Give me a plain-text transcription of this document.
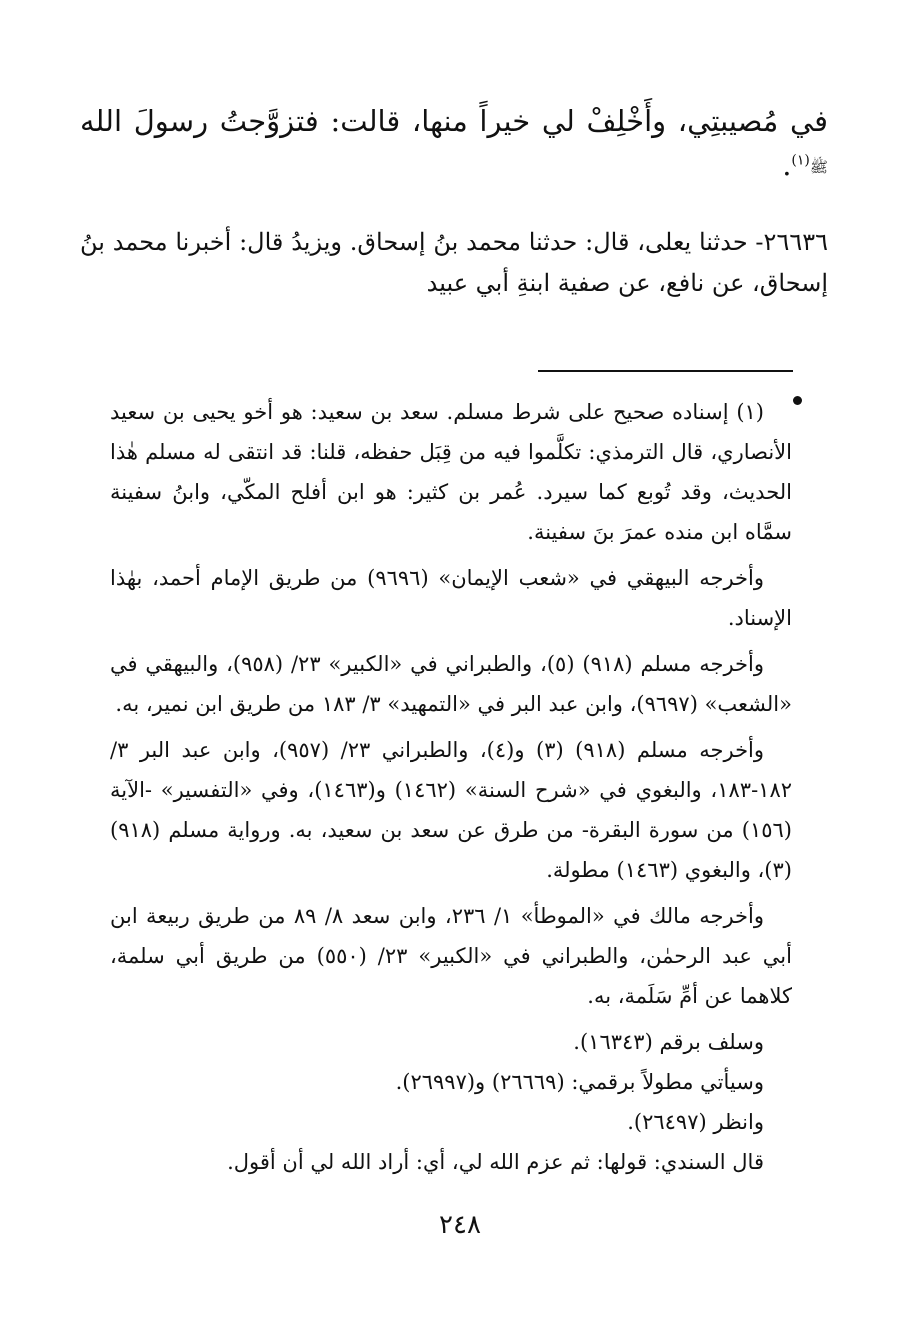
في مُصيبتِي، وأَخْلِفْ لي خيراً منها، قالت: فتزوَّجتُ رسولَ الله ﷺ$^{(١)}$.

٢٦٦٣٦- حدثنا يعلى، قال: حدثنا محمد بنُ إسحاق. ويزيدُ قال: أخبرنا محمد بنُ إسحاق، عن نافع، عن صفية ابنةِ أبي عبيد

(١) إسناده صحيح على شرط مسلم. سعد بن سعيد: هو أخو يحيى بن سعيد الأنصاري، قال الترمذي: تكلَّموا فيه من قِبَل حفظه، قلنا: قد انتقى له مسلم هٰذا الحديث، وقد تُوبع كما سيرد. عُمر بن كثير: هو ابن أفلح المكّي، وابنُ سفينة سمَّاه ابن منده عمرَ بنَ سفينة.

وأخرجه البيهقي في «شعب الإيمان» (٩٦٩٦) من طريق الإمام أحمد، بهٰذا الإسناد.

وأخرجه مسلم (٩١٨) (٥)، والطبراني في «الكبير» ٢٣/ (٩٥٨)، والبيهقي في «الشعب» (٩٦٩٧)، وابن عبد البر في «التمهيد» ٣/ ١٨٣ من طريق ابن نمير، به.

وأخرجه مسلم (٩١٨) (٣) و(٤)، والطبراني ٢٣/ (٩٥٧)، وابن عبد البر ٣/ ١٨٢-١٨٣، والبغوي في «شرح السنة» (١٤٦٢) و(١٤٦٣)، وفي «التفسير» -الآية (١٥٦) من سورة البقرة- من طرق عن سعد بن سعيد، به. ورواية مسلم (٩١٨) (٣)، والبغوي (١٤٦٣) مطولة.

وأخرجه مالك في «الموطأ» ١/ ٢٣٦، وابن سعد ٨/ ٨٩ من طريق ربيعة ابن أبي عبد الرحمٰن، والطبراني في «الكبير» ٢٣/ (٥٥٠) من طريق أبي سلمة، كلاهما عن أمِّ سَلَمة، به.

وسلف برقم (١٦٣٤٣).

وسيأتي مطولاً برقمي: (٢٦٦٦٩) و(٢٦٩٩٧).

وانظر (٢٦٤٩٧).

قال السندي: قولها: ثم عزم الله لي، أي: أراد الله لي أن أقول.

٢٤٨
